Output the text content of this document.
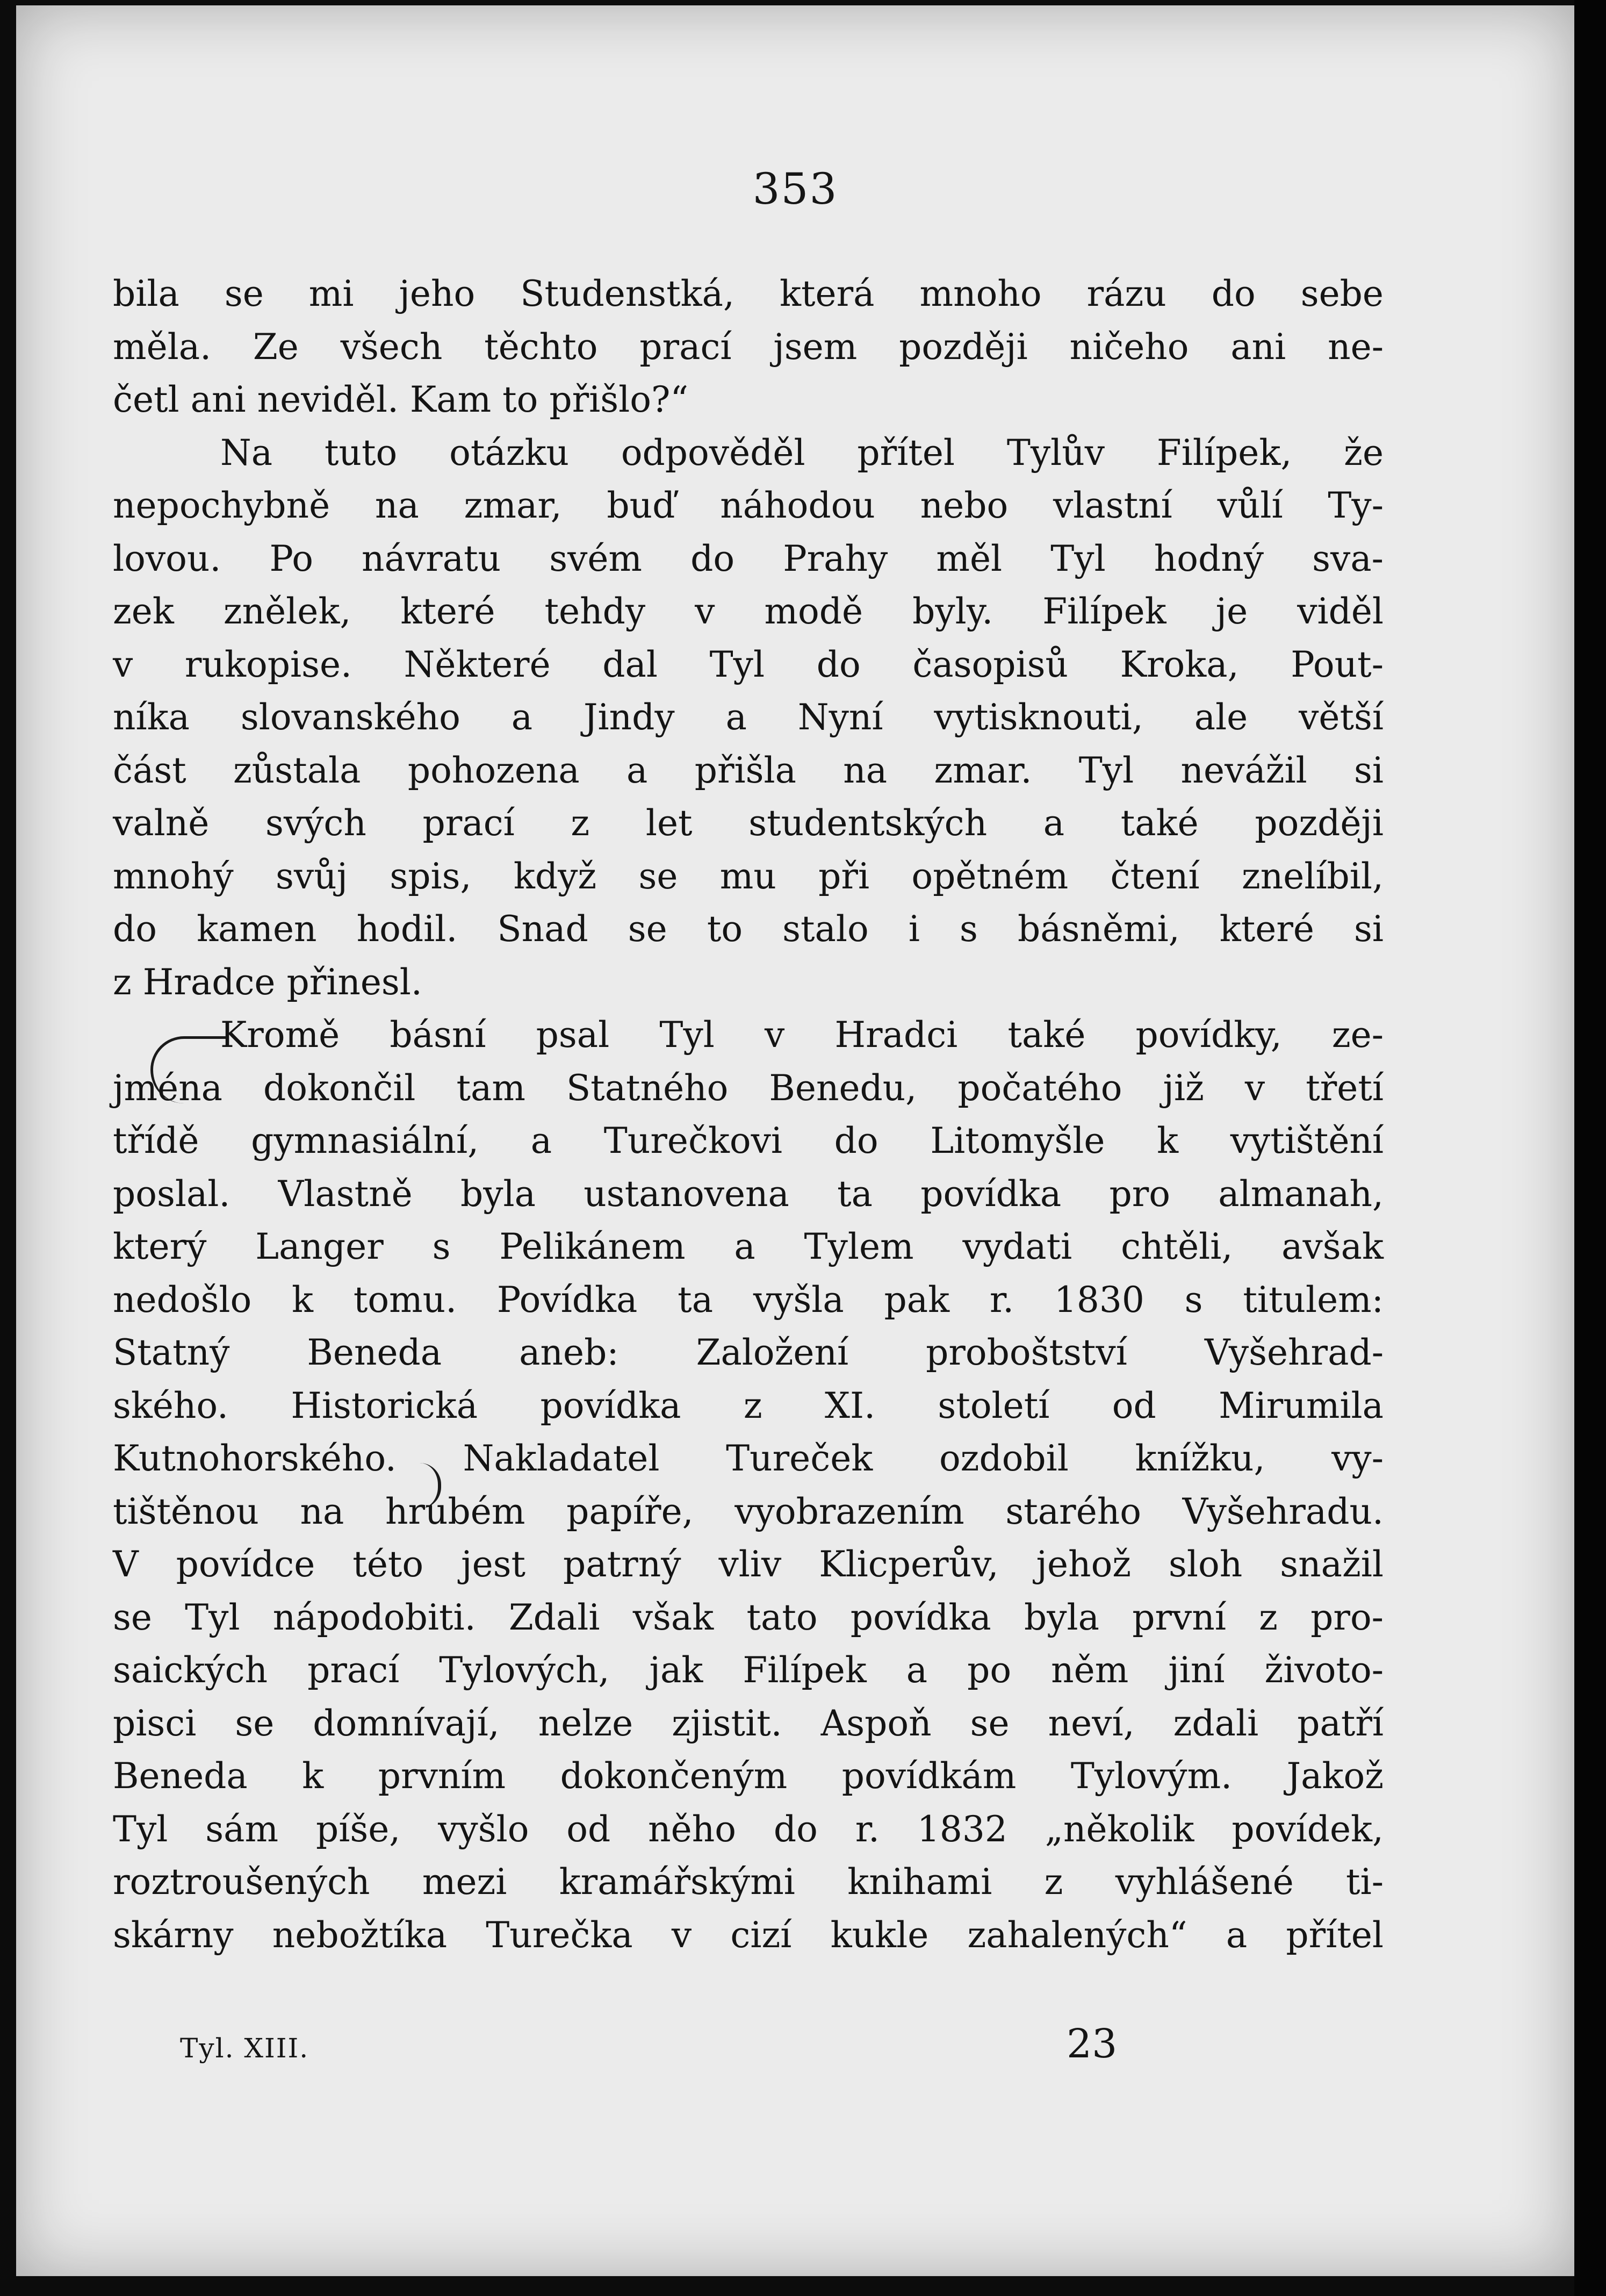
353
bila se mi jeho Studenstká, která mnoho rázu do sebe
měla. Ze všech těchto prací jsem později ničeho ani ne-
četl ani neviděl. Kam to přišlo?“
Na tuto otázku odpověděl přítel Tylův Filípek, že
nepochybně na zmar, buď náhodou nebo vlastní vůlí Ty-
lovou. Po návratu svém do Prahy měl Tyl hodný sva-
zek znělek, které tehdy v modě byly. Filípek je viděl
v rukopise. Některé dal Tyl do časopisů Kroka, Pout-
níka slovanského a Jindy a Nyní vytisknouti, ale větší
část zůstala pohozena a přišla na zmar. Tyl nevážil si
valně svých prací z let studentských a také později
mnohý svůj spis, když se mu při opětném čtení znelíbil,
do kamen hodil. Snad se to stalo i s básněmi, které si
z Hradce přinesl.
Kromě básní psal Tyl v Hradci také povídky, ze-
jména dokončil tam Statného Benedu, počatého již v třetí
třídě gymnasiální, a Turečkovi do Litomyšle k vytištění
poslal. Vlastně byla ustanovena ta povídka pro almanah,
který Langer s Pelikánem a Tylem vydati chtěli, avšak
nedošlo k tomu. Povídka ta vyšla pak r. 1830 s titulem:
Statný Beneda aneb: Založení proboštství Vyšehrad-
ského. Historická povídka z XI. století od Mirumila
Kutnohorského. Nakladatel Tureček ozdobil knížku, vy-
tištěnou na hrubém papíře, vyobrazením starého Vyšehradu.
V povídce této jest patrný vliv Klicperův, jehož sloh snažil
se Tyl nápodobiti. Zdali však tato povídka byla první z pro-
saických prací Tylových, jak Filípek a po něm jiní životo-
pisci se domnívají, nelze zjistit. Aspoň se neví, zdali patří
Beneda k prvním dokončeným povídkám Tylovým. Jakož
Tyl sám píše, vyšlo od něho do r. 1832 „několik povídek,
roztroušených mezi kramářskými knihami z vyhlášené ti-
skárny nebožtíka Turečka v cizí kukle zahalených“ a přítel
Tyl. XIII.	23
